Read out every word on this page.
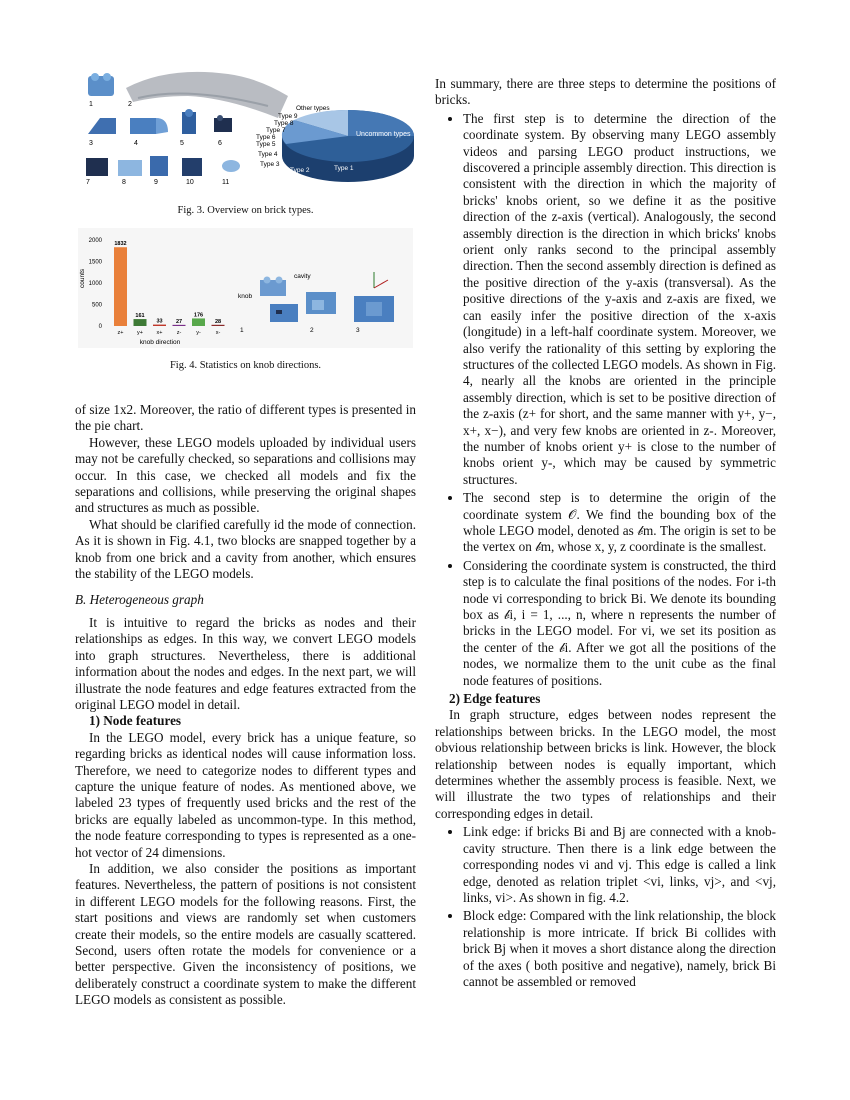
1	2
3	4	5	6
7	8	9	10	11
Other types
Type 9
Type 8
Type 7
Type 6
Type 5
Type 4
Type 3
Type 2	Type 1
Uncommon types
Fig. 3. Overview on brick types.
counts
2000
1500
1000
500
0
1832
z+
161
y+
33
x+
27
z-
176
y-
28
x-
knob direction
cavity
knob
1	2	3
Fig. 4. Statistics on knob directions.

of size 1x2. Moreover, the ratio of different types is presented in the pie chart.

However, these LEGO models uploaded by individual users may not be carefully checked, so separations and collisions may occur. In this case, we checked all models and fix the separations and collisions, while preserving the original shapes and structures as much as possible.

What should be clarified carefully id the mode of connection. As it is shown in Fig. 4.1, two blocks are snapped together by a knob from one brick and a cavity from another, which ensures the stability of the LEGO models.

B. Heterogeneous graph

It is intuitive to regard the bricks as nodes and their relationships as edges. In this way, we convert LEGO models into graph structures. Nevertheless, there is additional information about the nodes and edges. In the next part, we will illustrate the node features and edge features extracted from the original LEGO model in detail.

1) Node features

In the LEGO model, every brick has a unique feature, so regarding bricks as identical nodes will cause information loss. Therefore, we need to categorize nodes to different types and capture the unique feature of nodes. As mentioned above, we labeled 23 types of frequently used bricks and the rest of the bricks are equally labeled as uncommon-type. In this method, the node feature corresponding to types is represented as a one-hot vector of 24 dimensions.

In addition, we also consider the positions as important features. Nevertheless, the pattern of positions is not consistent in different LEGO models for the following reasons. First, the start positions and views are randomly set when customers create their models, so the entire models are casually scattered. Second, users often rotate the models for convenience or a better perspective. Given the inconsistency of positions, we deliberately construct a coordinate system to make the different LEGO models as consistent as possible.

In summary, there are three steps to determine the positions of bricks.

• The first step is to determine the direction of the coordinate system. By observing many LEGO assembly videos and parsing LEGO product instructions, we discovered a principle assembly direction. This direction is consistent with the direction in which the majority of bricks' knobs orient, so we define it as the positive direction of the z-axis (vertical). Analogously, the second assembly direction is the direction in which bricks' knobs orient only ranks second to the principal assembly direction. Then the second assembly direction is defined as the positive direction of the y-axis (transversal). As the positive directions of the y-axis and z-axis are fixed, we can easily infer the positive direction of the x-axis (longitude) in a left-half coordinate system. Moreover, we also verify the rationality of this setting by exploring the structures of the collected LEGO models. As shown in Fig. 4, nearly all the knobs are oriented in the principle assembly direction, which is set to be positive direction of the z-axis (z+ for short, and the same manner with y+, y−, x+, x−), and very few knobs are oriented in z-. Moreover, the number of knobs orient y+ is close to the number of knobs orient y-, which may be caused by symmetric structures.
• The second step is to determine the origin of the coordinate system 𝒪. We find the bounding box of the whole LEGO model, denoted as 𝒷m. The origin is set to be the vertex on 𝒷m, whose x, y, z coordinate is the smallest.
• Considering the coordinate system is constructed, the third step is to calculate the final positions of the nodes. For i-th node vi corresponding to brick Bi. We denote its bounding box as 𝒷i, i = 1, ..., n, where n represents the number of bricks in the LEGO model. For vi, we set its position as the center of the 𝒷i. After we got all the positions of the nodes, we normalize them to the unit cube as the final node features of positions.
2) Edge features

In graph structure, edges between nodes represent the relationships between bricks. In the LEGO model, the most obvious relationship between bricks is link. However, the block relationship between nodes is equally important, which determines whether the assembly process is feasible. Next, we will illustrate the two types of relationships and their corresponding edges in detail.

• Link edge: if bricks Bi and Bj are connected with a knob-cavity structure. Then there is a link edge between the corresponding nodes vi and vj. This edge is called a link edge, denoted as relation triplet <vi, links, vj>, and <vj, links, vi>. As shown in fig. 4.2.
• Block edge: Compared with the link relationship, the block relationship is more intricate. If brick Bi collides with brick Bj when it moves a short distance along the direction of the axes ( both positive and negative), namely, brick Bi cannot be assembled or removed
